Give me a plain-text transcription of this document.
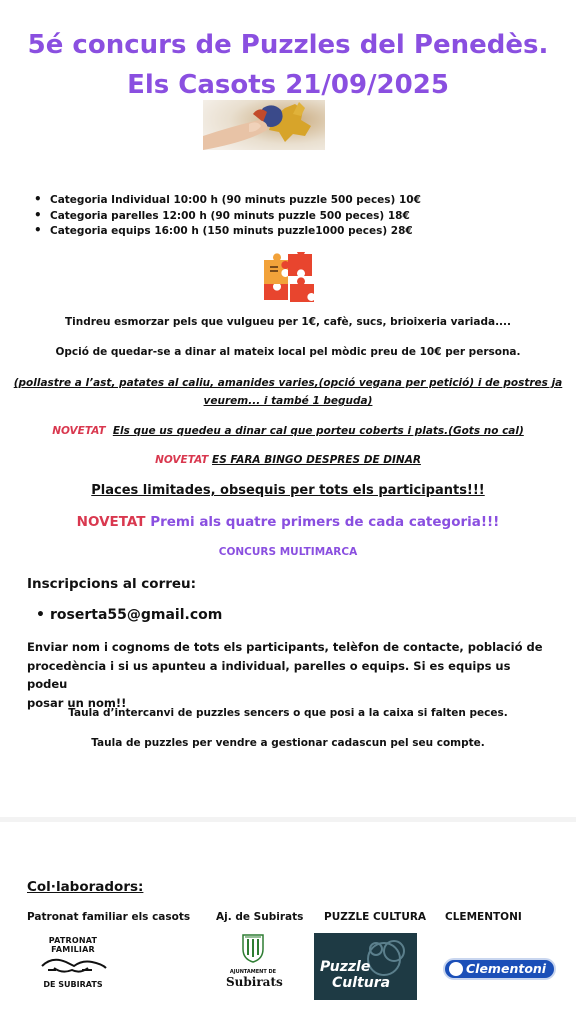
5é concurs de Puzzles del Penedès.
Els Casots 21/09/2025
• Categoria Individual 10:00 h (90 minuts puzzle 500 peces) 10€
• Categoria parelles 12:00 h (90 minuts puzzle 500 peces) 18€
• Categoria equips 16:00 h (150 minuts puzzle1000 peces) 28€
Tindreu esmorzar pels que vulgueu per 1€, cafè, sucs, brioixeria variada....
Opció de quedar-se a dinar al mateix local pel mòdic preu de 10€ per persona.
(pollastre a l’ast, patates al caliu, amanides varies,(opció vegana per petició) i de postres ja
veurem... i també 1 beguda)
NOVETAT Els que us quedeu a dinar cal que porteu coberts i plats.(Gots no cal)
NOVETAT ES FARA BINGO DESPRES DE DINAR
Places limitades, obsequis per tots els participants!!!
NOVETAT Premi als quatre primers de cada categoria!!!
CONCURS MULTIMARCA
Inscripcions al correu:
• roserta55@gmail.com
Enviar nom i cognoms de tots els participants, telèfon de contacte, població de
procedència i si us apunteu a individual, parelles o equips. Si es equips us podeu
posar un nom!!
Taula d’intercanvi de puzzles sencers o que posi a la caixa si falten peces.
Taula de puzzles per vendre a gestionar cadascun pel seu compte.
Col·laboradors:
Patronat familiar els casots Aj. de Subirats PUZZLE CULTURA CLEMENTONI
PATRONAT FAMILIAR
DE SUBIRATS
AJUNTAMENT DE
Subirats
Puzzle
Cultura
Clementoni
